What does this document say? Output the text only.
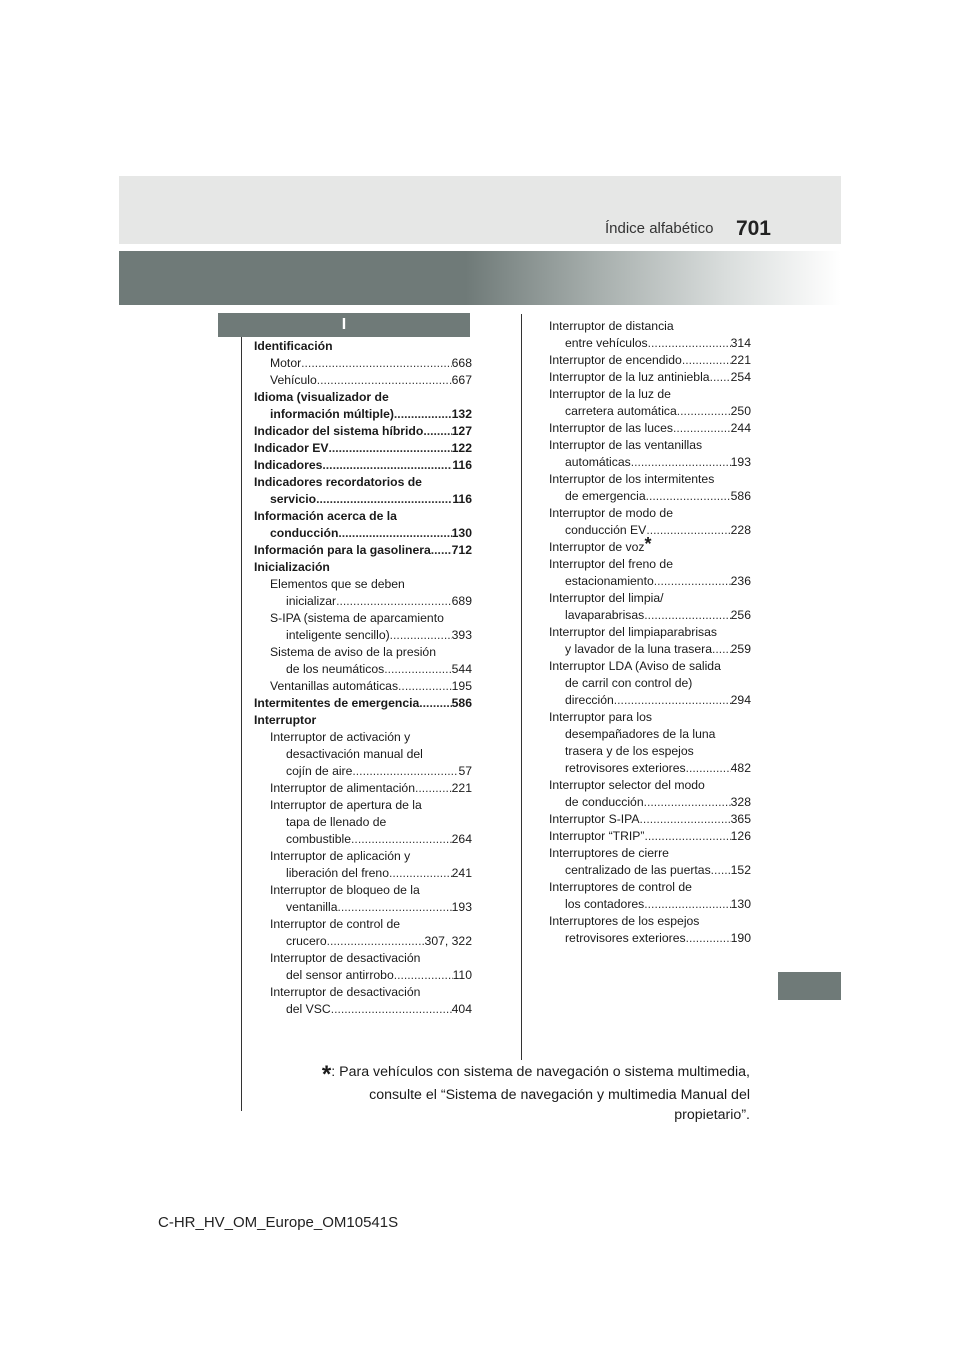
Índice alfabético 701
I
Identificación
Motor .....	668
Vehículo .....	667
Idioma (visualizador de
información múltiple) .....	132
Indicador del sistema híbrido ..... 127
Indicador EV .....	122
Indicadores .....	116
Indicadores recordatorios de
servicio .....	116
Información acerca de la
conducción .....	130
Información para la gasolinera ..... 712
Inicialización
Elementos que se deben
inicializar .....	689
S-IPA (sistema de aparcamiento
inteligente sencillo) .....	393
Sistema de aviso de la presión
de los neumáticos .....	544
Ventanillas automáticas .....	195
Intermitentes de emergencia .....	586
Interruptor
Interruptor de activación y
desactivación manual del
cojín de aire .....	57
Interruptor de alimentación .....	221
Interruptor de apertura de la
tapa de llenado de
combustible .....	264
Interruptor de aplicación y
liberación del freno .....	241
Interruptor de bloqueo de la
ventanilla .....	193
Interruptor de control de
crucero .....	307, 322
Interruptor de desactivación
del sensor antirrobo .....	110
Interruptor de desactivación
del VSC .....	404
Interruptor de distancia
entre vehículos .....	314
Interruptor de encendido .....	221
Interruptor de la luz antiniebla ..... 254
Interruptor de la luz de
carretera automática .....	250
Interruptor de las luces .....	244
Interruptor de las ventanillas
automáticas .....	193
Interruptor de los intermitentes
de emergencia .....	586
Interruptor de modo de
conducción EV .....	228
Interruptor de voz *
Interruptor del freno de
estacionamiento .....	236
Interruptor del limpia/
lavaparabrisas .....	256
Interruptor del limpiaparabrisas
y lavador de la luna trasera ..... 259
Interruptor LDA (Aviso de salida
de carril con control de)
dirección .....	294
Interruptor para los
desempañadores de la luna
trasera y de los espejos
retrovisores exteriores .....	482
Interruptor selector del modo
de conducción .....	328
Interruptor S-IPA .....	365
Interruptor “TRIP” .....	126
Interruptores de cierre
centralizado de las puertas ..... 152
Interruptores de control de
los contadores .....	130
Interruptores de los espejos
retrovisores exteriores .....	190
*: Para vehículos con sistema de navegación o sistema multimedia,
consulte el “Sistema de navegación y multimedia Manual del propietario”.
C-HR_HV_OM_Europe_OM10541S
